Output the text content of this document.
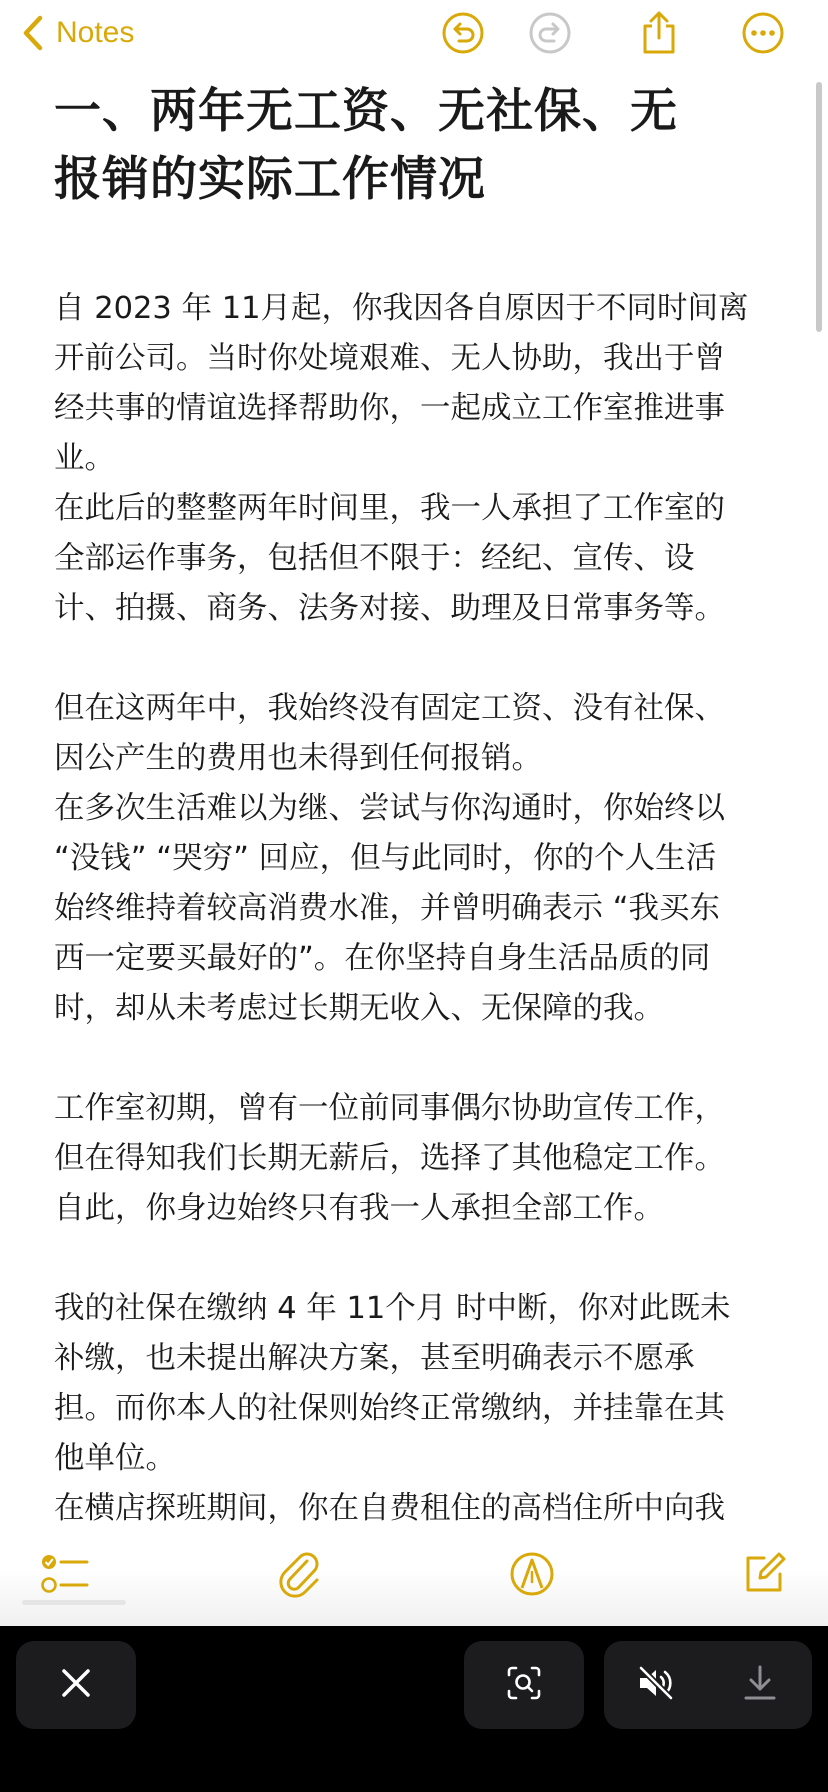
Notes
一、两年无工资、无社保、无
报销的实际工作情况

自 2023 年 11月起，你我因各自原因于不同时间离
开前公司。当时你处境艰难、无人协助，我出于曾
经共事的情谊选择帮助你，一起成立工作室推进事
业。

在此后的整整两年时间里，我一人承担了工作室的
全部运作事务，包括但不限于：经纪、宣传、设
计、拍摄、商务、法务对接、助理及日常事务等。

但在这两年中，我始终没有固定工资、没有社保、
因公产生的费用也未得到任何报销。

在多次生活难以为继、尝试与你沟通时，你始终以
“没钱” “哭穷” 回应，但与此同时，你的个人生活
始终维持着较高消费水准，并曾明确表示 “我买东
西一定要买最好的”。在你坚持自身生活品质的同
时，却从未考虑过长期无收入、无保障的我。

工作室初期，曾有一位前同事偶尔协助宣传工作，
但在得知我们长期无薪后，选择了其他稳定工作。
自此，你身边始终只有我一人承担全部工作。

我的社保在缴纳 4 年 11个月 时中断，你对此既未
补缴，也未提出解决方案，甚至明确表示不愿承
担。而你本人的社保则始终正常缴纳，并挂靠在其
他单位。

在横店探班期间，你在自费租住的高档住所中向我
